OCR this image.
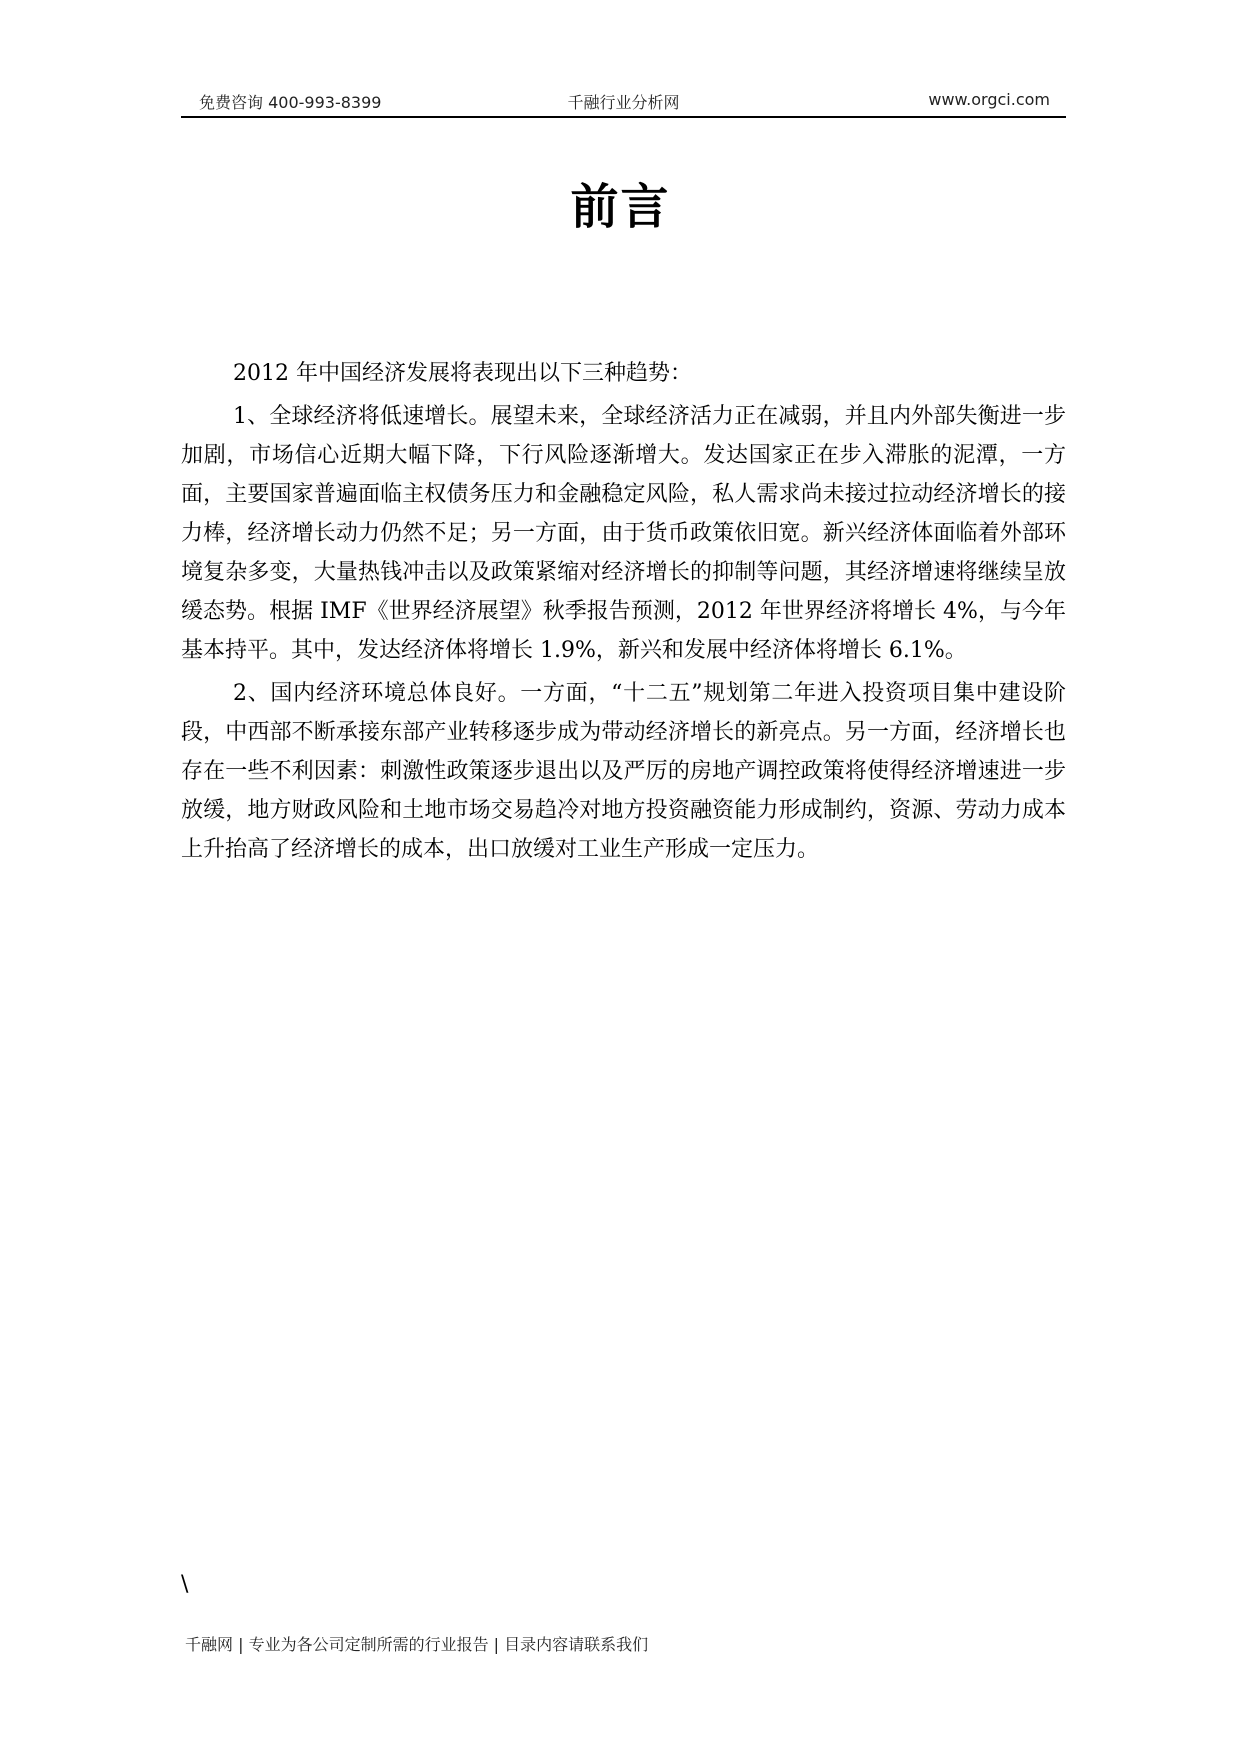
免费咨询 400-993-8399	千融行业分析网	www.orgci.com
前言

2012 年中国经济发展将表现出以下三种趋势：

1、全球经济将低速增长。展望未来，全球经济活力正在减弱，并且内外部失衡进一步加剧，市场信心近期大幅下降，下行风险逐渐增大。发达国家正在步入滞胀的泥潭，一方面，主要国家普遍面临主权债务压力和金融稳定风险，私人需求尚未接过拉动经济增长的接力棒，经济增长动力仍然不足；另一方面，由于货币政策依旧宽。新兴经济体面临着外部环境复杂多变，大量热钱冲击以及政策紧缩对经济增长的抑制等问题，其经济增速将继续呈放缓态势。根据 IMF《世界经济展望》秋季报告预测，2012 年世界经济将增长 4%，与今年基本持平。其中，发达经济体将增长 1.9%，新兴和发展中经济体将增长 6.1%。

2、国内经济环境总体良好。一方面，“十二五”规划第二年进入投资项目集中建设阶段，中西部不断承接东部产业转移逐步成为带动经济增长的新亮点。另一方面，经济增长也存在一些不利因素：刺激性政策逐步退出以及严厉的房地产调控政策将使得经济增速进一步放缓，地方财政风险和土地市场交易趋冷对地方投资融资能力形成制约，资源、劳动力成本上升抬高了经济增长的成本，出口放缓对工业生产形成一定压力。

\
千融网 | 专业为各公司定制所需的行业报告 | 目录内容请联系我们
